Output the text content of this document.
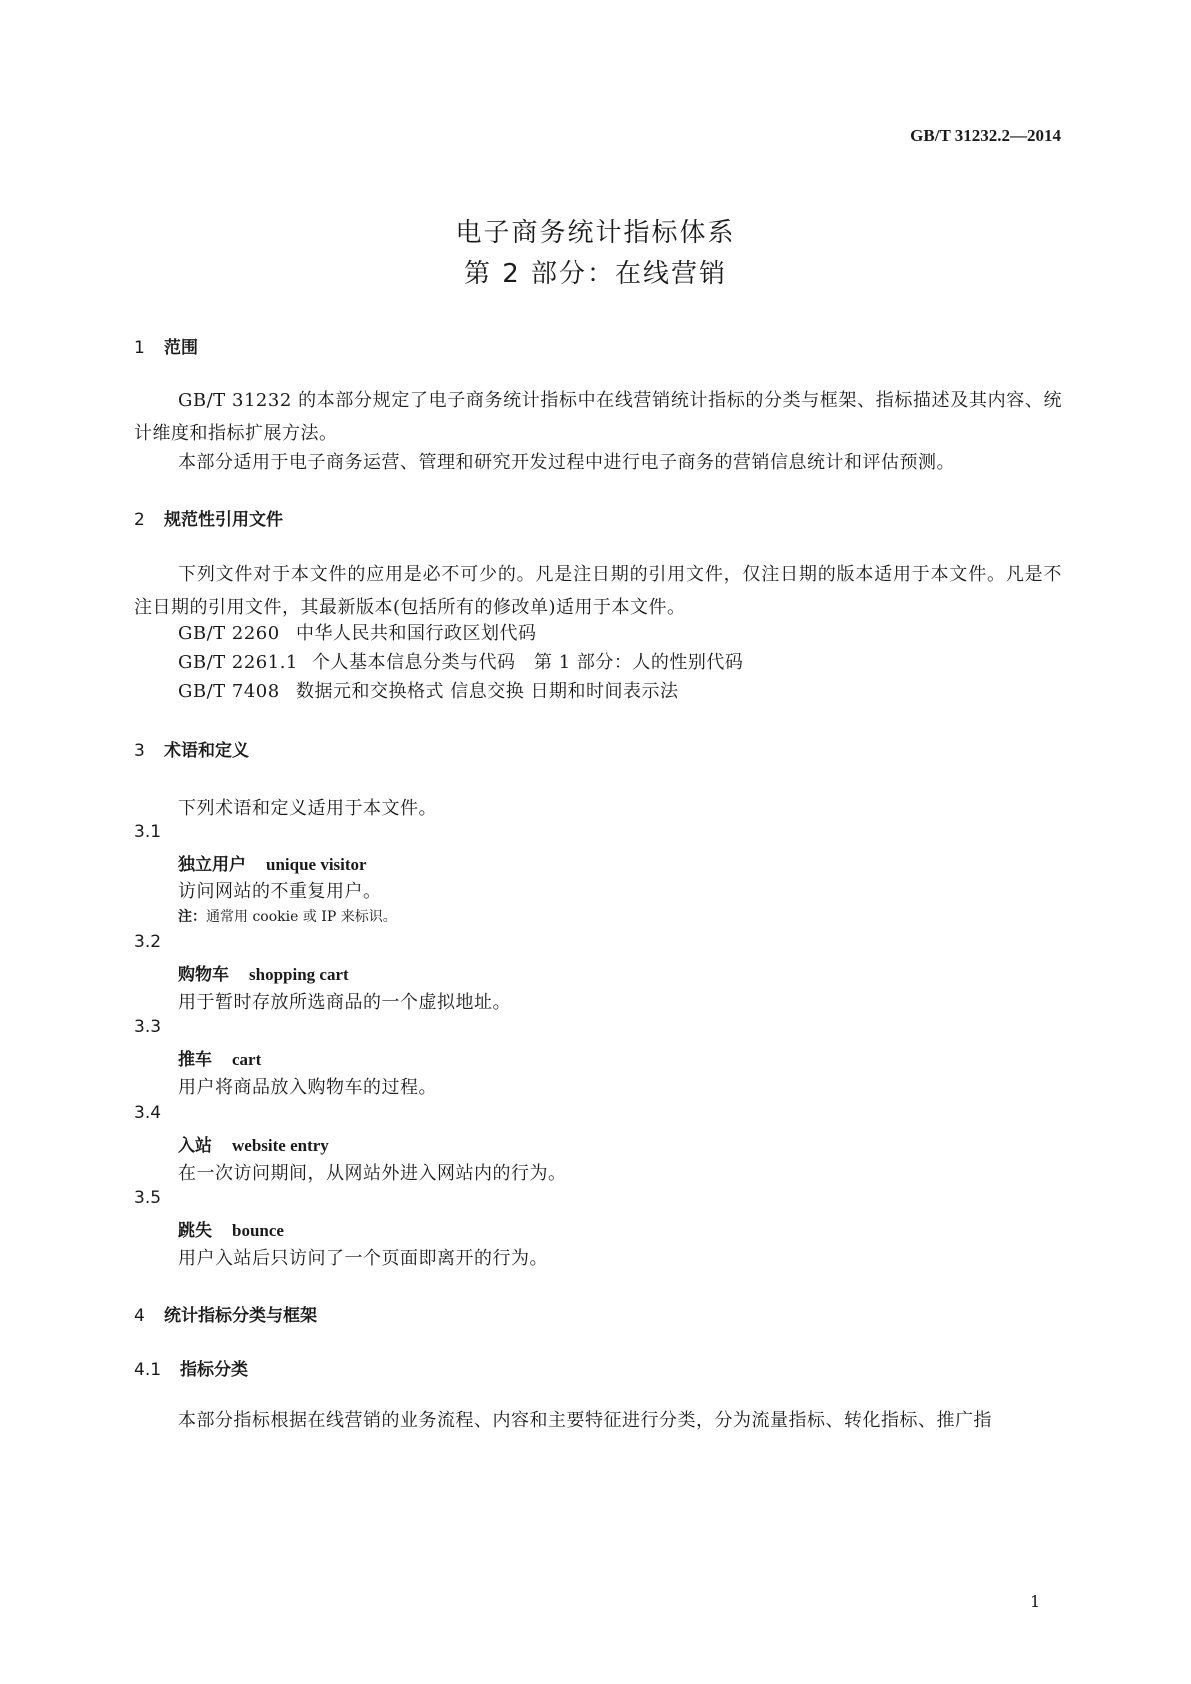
GB/T 31232.2—2014
电子商务统计指标体系
第 2 部分：在线营销
1 范围
GB/T 31232 的本部分规定了电子商务统计指标中在线营销统计指标的分类与框架、指标描述及其内容、统计维度和指标扩展方法。
本部分适用于电子商务运营、管理和研究开发过程中进行电子商务的营销信息统计和评估预测。
2 规范性引用文件
下列文件对于本文件的应用是必不可少的。凡是注日期的引用文件，仅注日期的版本适用于本文件。凡是不注日期的引用文件，其最新版本(包括所有的修改单)适用于本文件。
GB/T 2260 中华人民共和国行政区划代码
GB/T 2261.1 个人基本信息分类与代码　第 1 部分：人的性别代码
GB/T 7408 数据元和交换格式 信息交换 日期和时间表示法
3 术语和定义
下列术语和定义适用于本文件。
3.1
独立用户 unique visitor
访问网站的不重复用户。
注：通常用 cookie 或 IP 来标识。
3.2
购物车 shopping cart
用于暂时存放所选商品的一个虚拟地址。
3.3
推车 cart
用户将商品放入购物车的过程。
3.4
入站 website entry
在一次访问期间，从网站外进入网站内的行为。
3.5
跳失 bounce
用户入站后只访问了一个页面即离开的行为。
4 统计指标分类与框架
4.1 指标分类
本部分指标根据在线营销的业务流程、内容和主要特征进行分类，分为流量指标、转化指标、推广指
1
